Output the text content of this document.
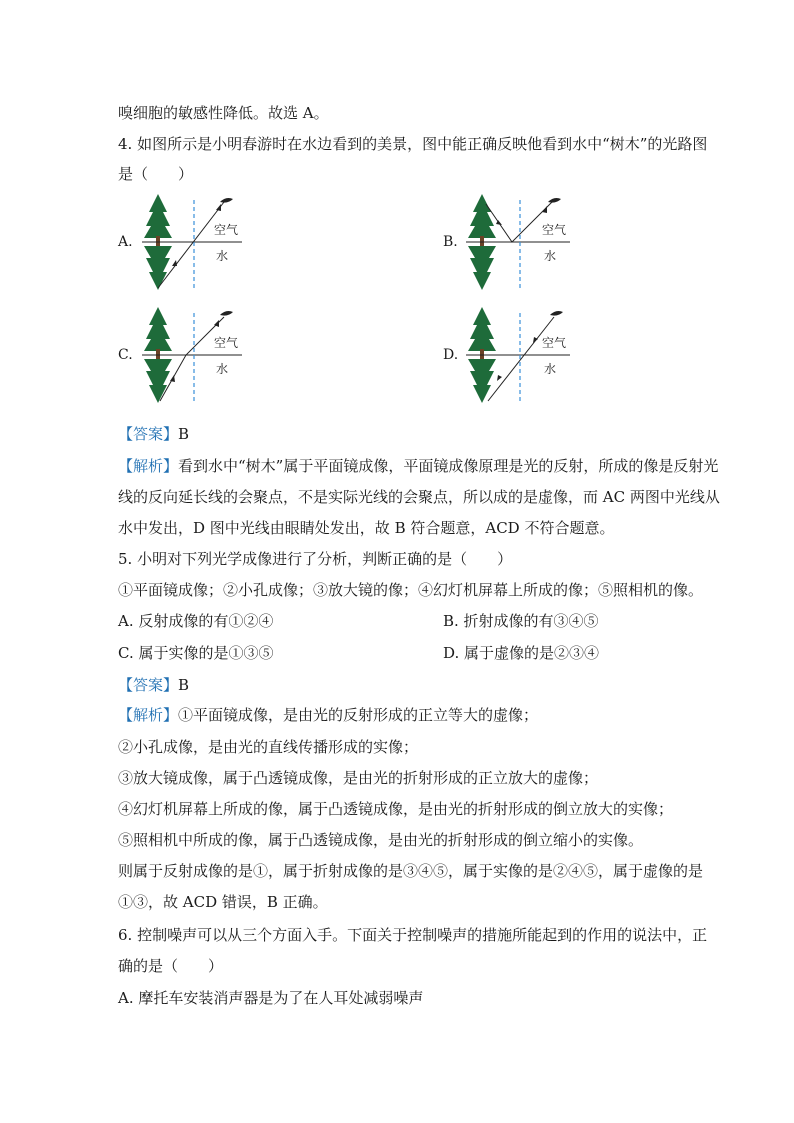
嗅细胞的敏感性降低。故选 A。
4. 如图所示是小明春游时在水边看到的美景，图中能正确反映他看到水中“树木”的光路图
是（　　）
A.	B.
C.	D.
空气
水
空气
水
空气
水
空气
水
【答案】B
【解析】看到水中“树木”属于平面镜成像，平面镜成像原理是光的反射，所成的像是反射光
线的反向延长线的会聚点，不是实际光线的会聚点，所以成的是虚像，而 AC 两图中光线从
水中发出，D 图中光线由眼睛处发出，故 B 符合题意，ACD 不符合题意。
5. 小明对下列光学成像进行了分析，判断正确的是（　　）
①平面镜成像；②小孔成像；③放大镜的像；④幻灯机屏幕上所成的像；⑤照相机的像。
A. 反射成像的有①②④	B. 折射成像的有③④⑤
C. 属于实像的是①③⑤	D. 属于虚像的是②③④
【答案】B
【解析】①平面镜成像，是由光的反射形成的正立等大的虚像；
②小孔成像，是由光的直线传播形成的实像；
③放大镜成像，属于凸透镜成像，是由光的折射形成的正立放大的虚像；
④幻灯机屏幕上所成的像，属于凸透镜成像，是由光的折射形成的倒立放大的实像；
⑤照相机中所成的像，属于凸透镜成像，是由光的折射形成的倒立缩小的实像。
则属于反射成像的是①，属于折射成像的是③④⑤，属于实像的是②④⑤，属于虚像的是
①③，故 ACD 错误，B 正确。
6. 控制噪声可以从三个方面入手。下面关于控制噪声的措施所能起到的作用的说法中，正
确的是（　　）
A. 摩托车安装消声器是为了在人耳处减弱噪声
